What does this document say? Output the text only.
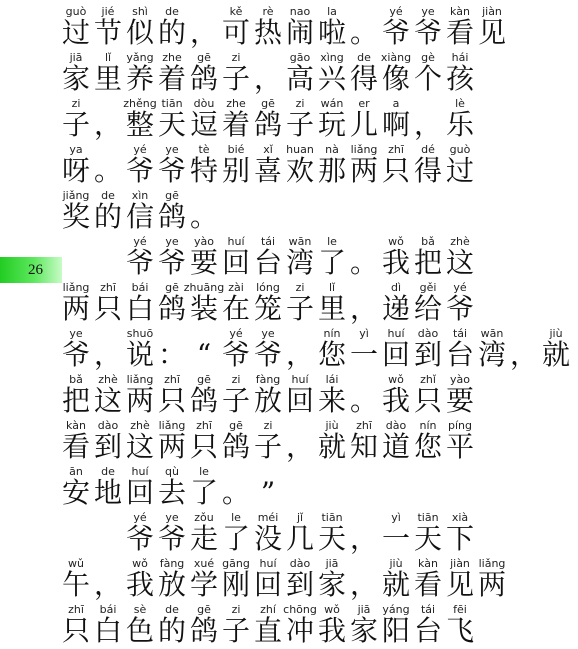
26
guò
过
jié
节
shì
似
de
的 ，
kě
可
rè
热
nao
闹
la
啦 。
yé
爷
ye
爷
kàn
看
jiàn
见
jiā
家
lǐ
里
yǎng
养
zhe
着
gē
鸽
zi
子 ，
gāo
高
xìng
兴
de
得
xiàng
像
gè
个
hái
孩
zi
子 ，
zhěng
整
tiān
天
dòu
逗
zhe
着
gē
鸽
zi
子
wán
玩
er
儿
a
啊 ，
lè
乐
ya
呀 。
yé
爷
ye
爷
tè
特
bié
别
xǐ
喜
huan
欢
nà
那
liǎng
两
zhī
只
dé
得
guò
过
jiǎng
奖
de
的
xìn
信
gē
鸽 。
yé
爷
ye
爷
yào
要
huí
回
tái
台
wān
湾
le
了 。
wǒ
我
bǎ
把
zhè
这
liǎng
两
zhī
只
bái
白
gē
鸽
zhuāng
装
zài
在
lóng
笼
zi
子
lǐ
里 ，
dì
递
gěi
给
yé
爷
ye
爷 ，
shuō
说 ： “
yé
爷
ye
爷 ，
nín
您
yì
一
huí
回
dào
到
tái
台
wān
湾 ，
jiù
就
bǎ
把
zhè
这
liǎng
两
zhī
只
gē
鸽
zi
子
fàng
放
huí
回
lái
来 。
wǒ
我
zhǐ
只
yào
要
kàn
看
dào
到
zhè
这
liǎng
两
zhī
只
gē
鸽
zi
子 ，
jiù
就
zhī
知
dào
道
nín
您
píng
平
ān
安
de
地
huí
回
qù
去
le
了 。 ”
yé
爷
ye
爷
zǒu
走
le
了
méi
没
jǐ
几
tiān
天 ，
yì
一
tiān
天
xià
下
wǔ
午 ，
wǒ
我
fàng
放
xué
学
gāng
刚
huí
回
dào
到
jiā
家 ，
jiù
就
kàn
看
jiàn
见
liǎng
两
zhī
只
bái
白
sè
色
de
的
gē
鸽
zi
子
zhí
直
chōng
冲
wǒ
我
jiā
家
yáng
阳
tái
台
fēi
飞
